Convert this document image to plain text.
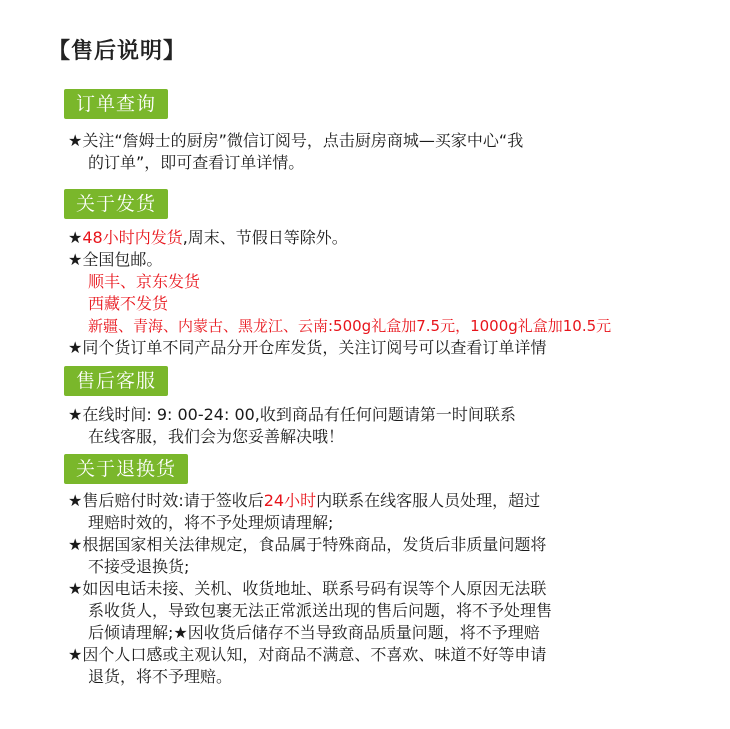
【售后说明】
订单查询
★关注“詹姆士的厨房”微信订阅号，点击厨房商城—买家中心“我
的订单”，即可查看订单详情。
关于发货
★48小时内发货,周末、节假日等除外。
★全国包邮。
顺丰、京东发货
西藏不发货
新疆、青海、内蒙古、黑龙江、云南:500g礼盒加7.5元，1000g礼盒加10.5元
★同个货订单不同产品分开仓库发货，关注订阅号可以查看订单详情
售后客服
★在线时间: 9: 00-24: 00,收到商品有任何问题请第一时间联系
在线客服，我们会为您妥善解决哦！
关于退换货
★售后赔付时效:请于签收后24小时内联系在线客服人员处理，超过
理赔时效的，将不予处理烦请理解;
★根据国家相关法律规定，食品属于特殊商品，发货后非质量问题将
不接受退换货;
★如因电话未接、关机、收货地址、联系号码有误等个人原因无法联
系收货人，导致包裹无法正常派送出现的售后问题，将不予处理售
后倾请理解;★因收货后储存不当导致商品质量问题，将不予理赔
★因个人口感或主观认知，对商品不满意、不喜欢、味道不好等申请
退货，将不予理赔。
